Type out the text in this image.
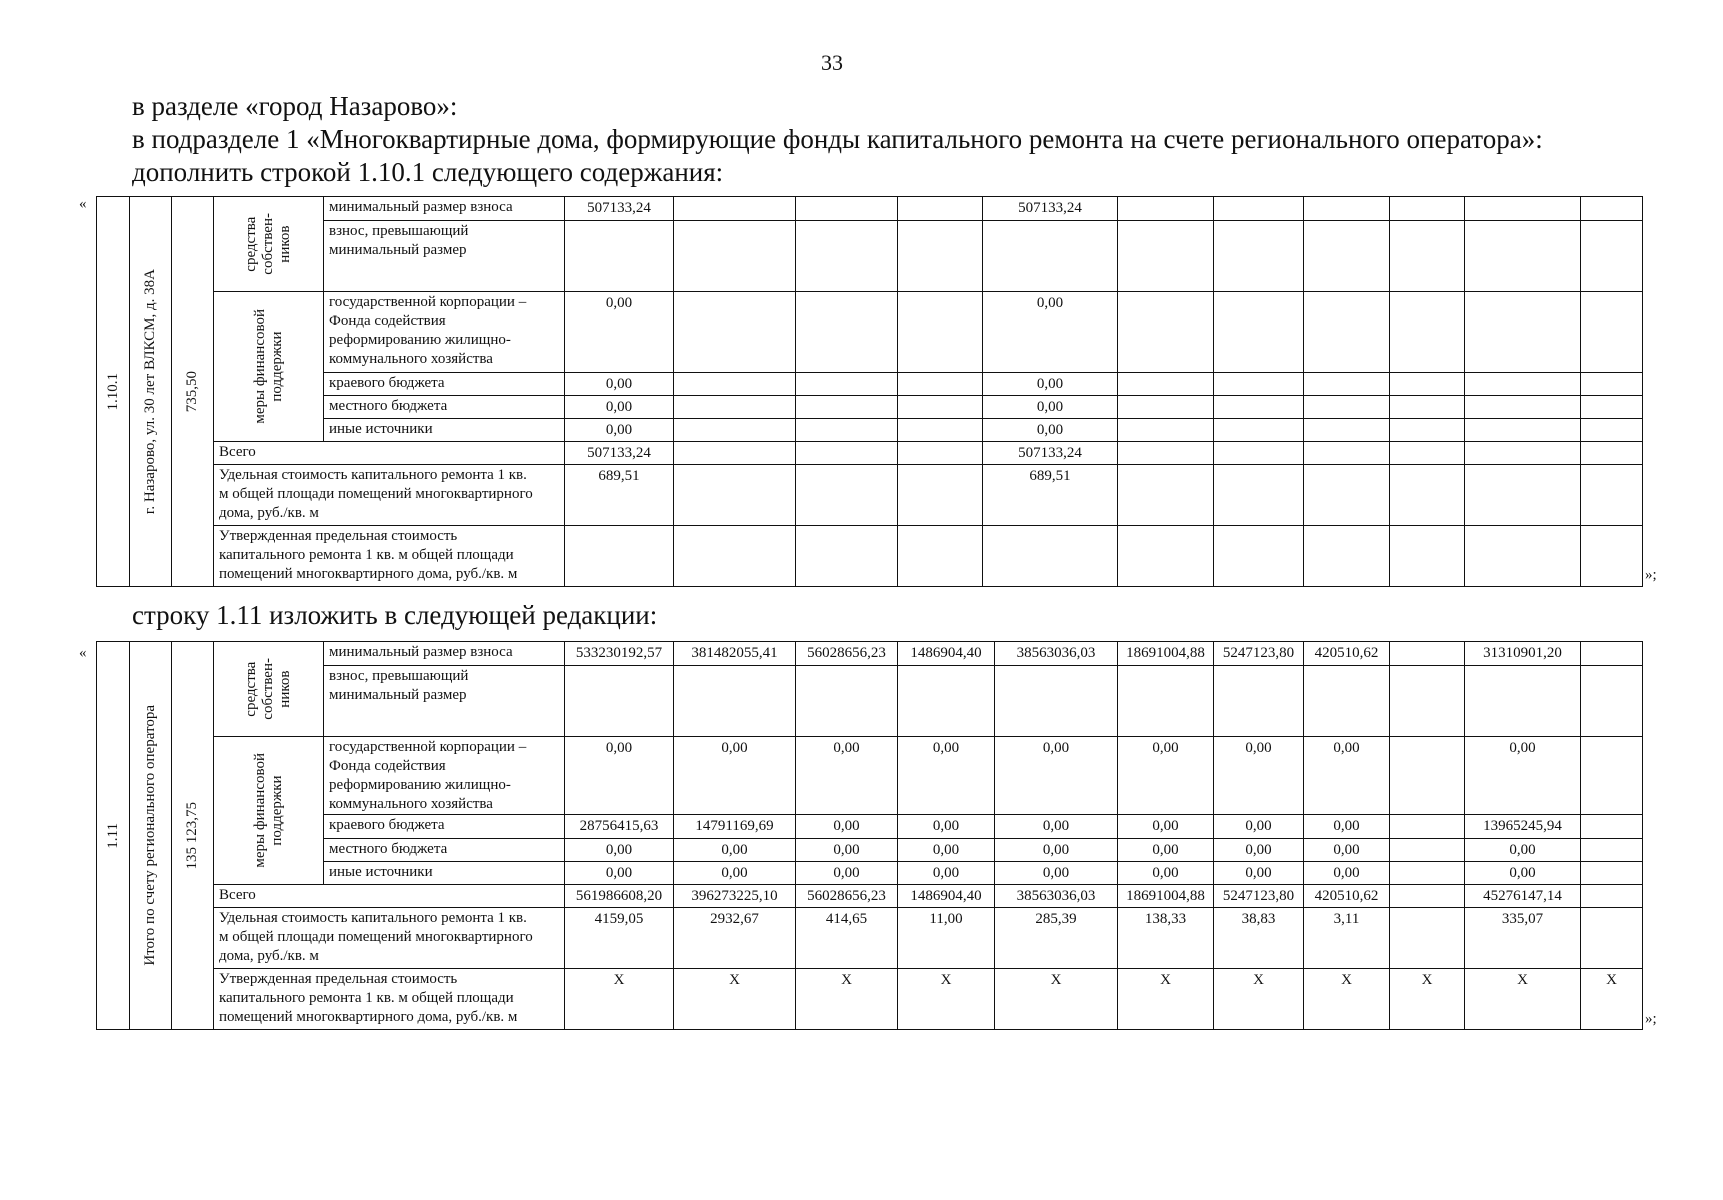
33
в разделе «город Назарово»:
в подразделе 1 «Многоквартирные дома, формирующие фонды капитального ремонта на счете регионального оператора»:
дополнить строкой 1.10.1 следующего содержания:
«
1.10.1	г. Назарово, ул. 30 лет ВЛКСМ, д. 38А	735,50	средства
собствен-
ников	минимальный размер взноса	507133,24				507133,24						
				взнос, превышающий
минимальный размер											

			меры финансовой
поддержки	государственной корпорации –
Фонда содействия
реформированию жилищно-
коммунального хозяйства	0,00				0,00						
				краевого бюджета	0,00				0,00						
				местного бюджета	0,00				0,00						
				иные источники	0,00				0,00						
			Всего		507133,24				507133,24						
			Удельная стоимость капитального ремонта 1 кв.
м общей площади помещений многоквартирного
дома, руб./кв. м		689,51				689,51						
			Утвержденная предельная стоимость
капитального ремонта 1 кв. м общей площади
помещений многоквартирного дома, руб./кв. м													»;
строку 1.11 изложить в следующей редакции:
«
1.11	Итого по счету регионального оператора	135 123,75	средства
собствен-
ников	минимальный размер взноса	533230192,57	381482055,41	56028656,23	1486904,40	38563036,03	18691004,88	5247123,80	420510,62		31310901,20	
				взнос, превышающий
минимальный размер											

			меры финансовой
поддержки	государственной корпорации –
Фонда содействия
реформированию жилищно-
коммунального хозяйства	0,00	0,00	0,00	0,00	0,00	0,00	0,00	0,00		0,00	
				краевого бюджета	28756415,63	14791169,69	0,00	0,00	0,00	0,00	0,00	0,00		13965245,94	
				местного бюджета	0,00	0,00	0,00	0,00	0,00	0,00	0,00	0,00		0,00	
				иные источники	0,00	0,00	0,00	0,00	0,00	0,00	0,00	0,00		0,00	
			Всего		561986608,20	396273225,10	56028656,23	1486904,40	38563036,03	18691004,88	5247123,80	420510,62		45276147,14	
			Удельная стоимость капитального ремонта 1 кв.
м общей площади помещений многоквартирного
дома, руб./кв. м		4159,05	2932,67	414,65	11,00	285,39	138,33	38,83	3,11		335,07	
			Утвержденная предельная стоимость
капитального ремонта 1 кв. м общей площади
помещений многоквартирного дома, руб./кв. м		X	X	X	X	X	X	X	X	X	X	X
»;
